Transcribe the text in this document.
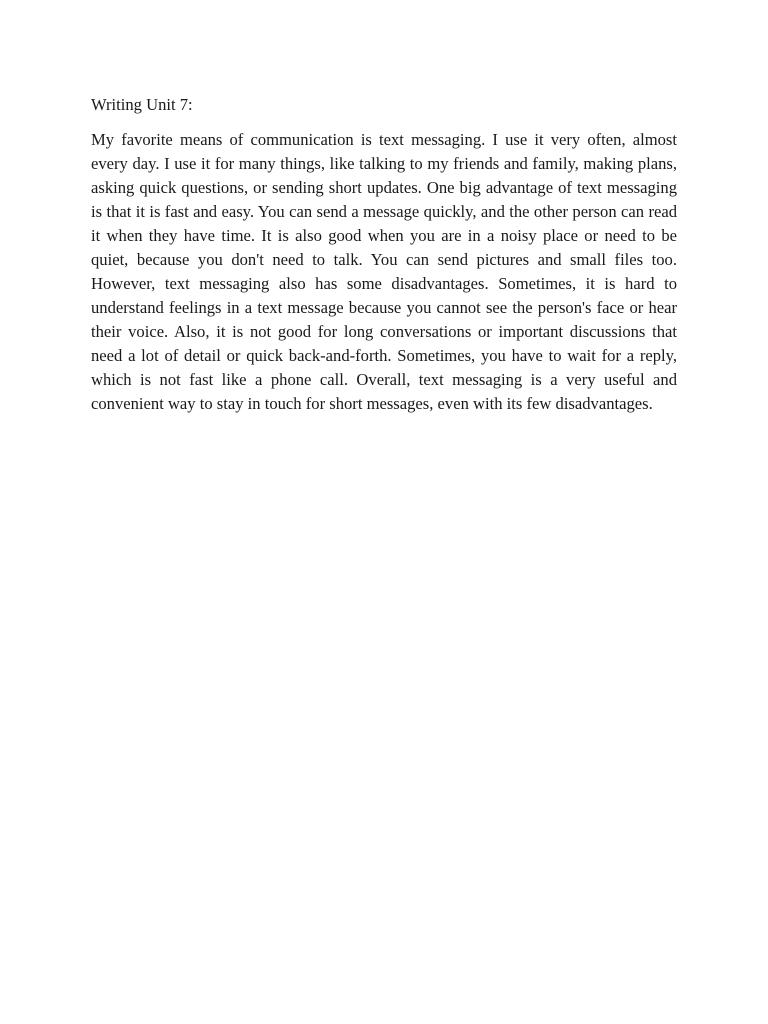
Writing Unit 7:

My favorite means of communication is text messaging. I use it very often, almost every day. I use it for many things, like talking to my friends and family, making plans, asking quick questions, or sending short updates. One big advantage of text messaging is that it is fast and easy. You can send a message quickly, and the other person can read it when they have time. It is also good when you are in a noisy place or need to be quiet, because you don't need to talk. You can send pictures and small files too. However, text messaging also has some disadvantages. Sometimes, it is hard to understand feelings in a text message because you cannot see the person's face or hear their voice. Also, it is not good for long conversations or important discussions that need a lot of detail or quick back-and-forth. Sometimes, you have to wait for a reply, which is not fast like a phone call. Overall, text messaging is a very useful and convenient way to stay in touch for short messages, even with its few disadvantages.
